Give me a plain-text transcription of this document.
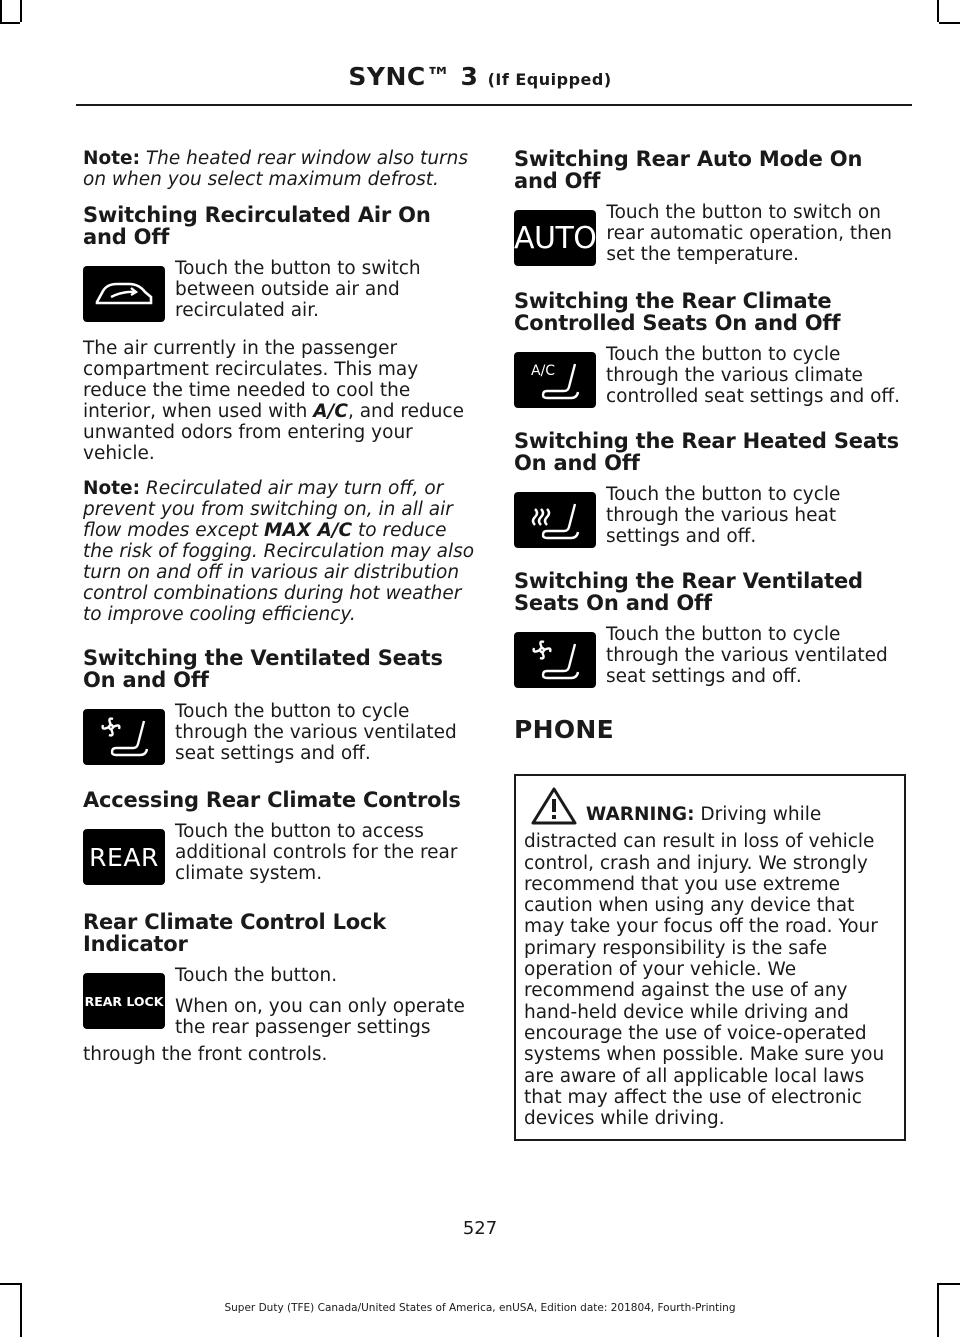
SYNC™ 3 (If Equipped)

Note: The heated rear window also turns on when you select maximum defrost.

Switching Recirculated Air On and Off
Touch the button to switch between outside air and recirculated air.

The air currently in the passenger compartment recirculates. This may reduce the time needed to cool the interior, when used with A/C, and reduce unwanted odors from entering your vehicle.

Note: Recirculated air may turn off, or prevent you from switching on, in all air flow modes except MAX A/C to reduce the risk of fogging. Recirculation may also turn on and off in various air distribution control combinations during hot weather to improve cooling efficiency.

Switching the Ventilated Seats On and Off
Touch the button to cycle through the various ventilated seat settings and off.
Accessing Rear Climate Controls
REAR
Touch the button to access additional controls for the rear climate system.
Rear Climate Control Lock Indicator
REAR LOCK
Touch the button.
When on, you can only operate the rear passenger settings

through the front controls.

Switching Rear Auto Mode On and Off
AUTO
Touch the button to switch on rear automatic operation, then set the temperature.
Switching the Rear Climate Controlled Seats On and Off
A/C
Touch the button to cycle through the various climate controlled seat settings and off.
Switching the Rear Heated Seats On and Off
Touch the button to cycle through the various heat settings and off.
Switching the Rear Ventilated Seats On and Off
Touch the button to cycle through the various ventilated seat settings and off.
PHONE
WARNING: Driving while distracted can result in loss of vehicle control, crash and injury. We strongly recommend that you use extreme caution when using any device that may take your focus off the road. Your primary responsibility is the safe operation of your vehicle. We recommend against the use of any hand-held device while driving and encourage the use of voice-operated systems when possible. Make sure you are aware of all applicable local laws that may affect the use of electronic devices while driving.
527
Super Duty (TFE) Canada/United States of America, enUSA, Edition date: 201804, Fourth-Printing
